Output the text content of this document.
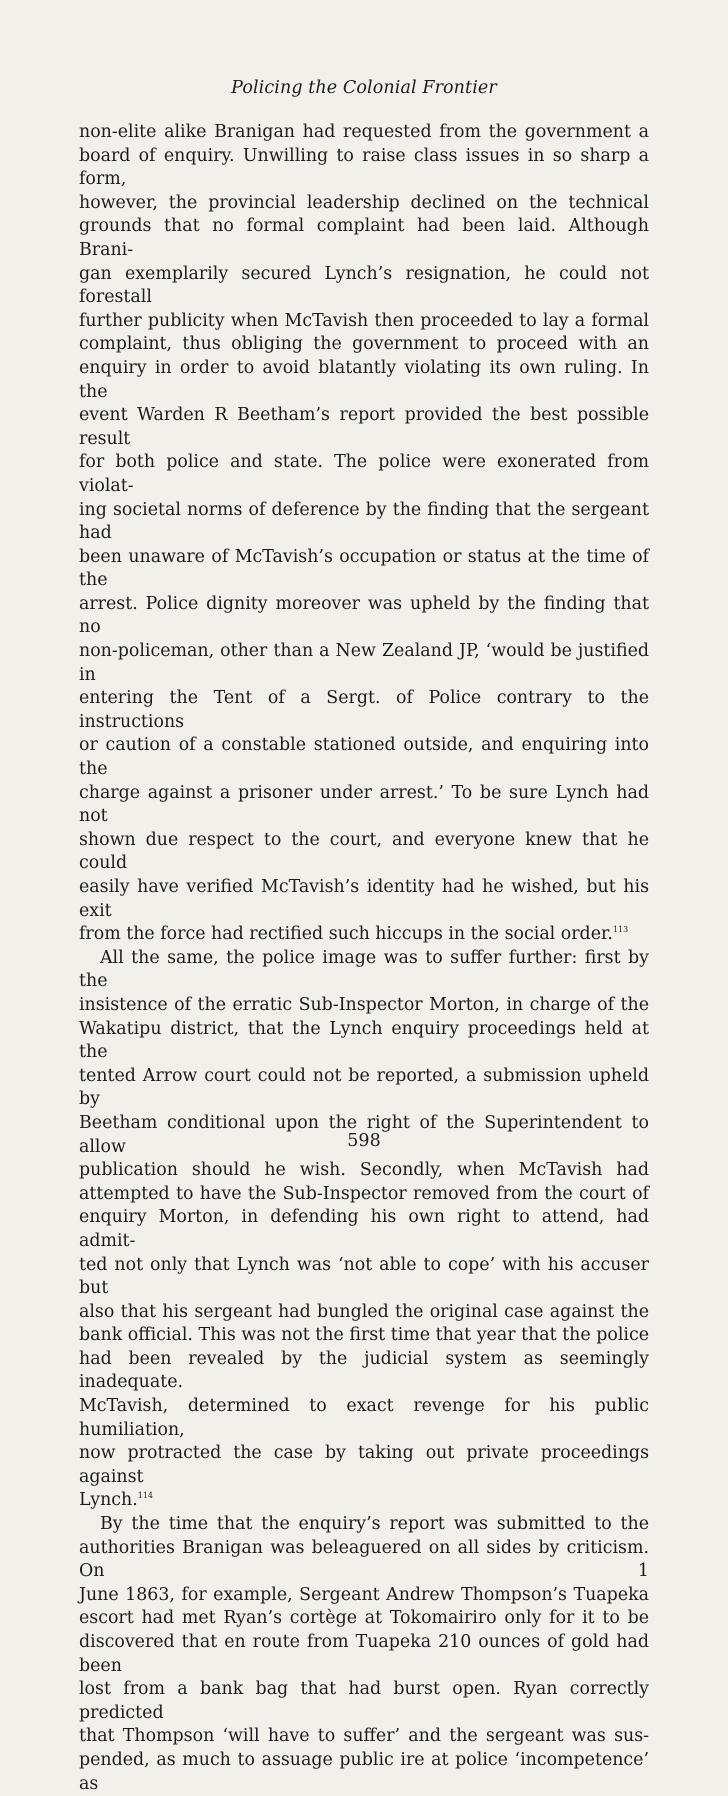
Policing the Colonial Frontier

non-elite alike Branigan had requested from the government a

board of enquiry. Unwilling to raise class issues in so sharp a form,

however, the provincial leadership declined on the technical

grounds that no formal complaint had been laid. Although Brani-

gan exemplarily secured Lynch’s resignation, he could not forestall

further publicity when McTavish then proceeded to lay a formal

complaint, thus obliging the government to proceed with an

enquiry in order to avoid blatantly violating its own ruling. In the

event Warden R Beetham’s report provided the best possible result

for both police and state. The police were exonerated from violat-

ing societal norms of deference by the finding that the sergeant had

been unaware of McTavish’s occupation or status at the time of the

arrest. Police dignity moreover was upheld by the finding that no

non-policeman, other than a New Zealand JP, ‘would be justified in

entering the Tent of a Sergt. of Police contrary to the instructions

or caution of a constable stationed outside, and enquiring into the

charge against a prisoner under arrest.’ To be sure Lynch had not

shown due respect to the court, and everyone knew that he could

easily have verified McTavish’s identity had he wished, but his exit

from the force had rectified such hiccups in the social order.$^{113}$

All the same, the police image was to suffer further: first by the

insistence of the erratic Sub-Inspector Morton, in charge of the

Wakatipu district, that the Lynch enquiry proceedings held at the

tented Arrow court could not be reported, a submission upheld by

Beetham conditional upon the right of the Superintendent to allow

publication should he wish. Secondly, when McTavish had

attempted to have the Sub-Inspector removed from the court of

enquiry Morton, in defending his own right to attend, had admit-

ted not only that Lynch was ‘not able to cope’ with his accuser but

also that his sergeant had bungled the original case against the

bank official. This was not the first time that year that the police

had been revealed by the judicial system as seemingly inadequate.

McTavish, determined to exact revenge for his public humiliation,

now protracted the case by taking out private proceedings against

Lynch.$^{114}$

By the time that the enquiry’s report was submitted to the

authorities Branigan was beleaguered on all sides by criticism. On 1

June 1863, for example, Sergeant Andrew Thompson’s Tuapeka

escort had met Ryan’s cortège at Tokomairiro only for it to be

discovered that en route from Tuapeka 210 ounces of gold had been

lost from a bank bag that had burst open. Ryan correctly predicted

that Thompson ‘will have to suffer’ and the sergeant was sus-

pended, as much to assuage public ire at police ‘incompetence’ as

598
